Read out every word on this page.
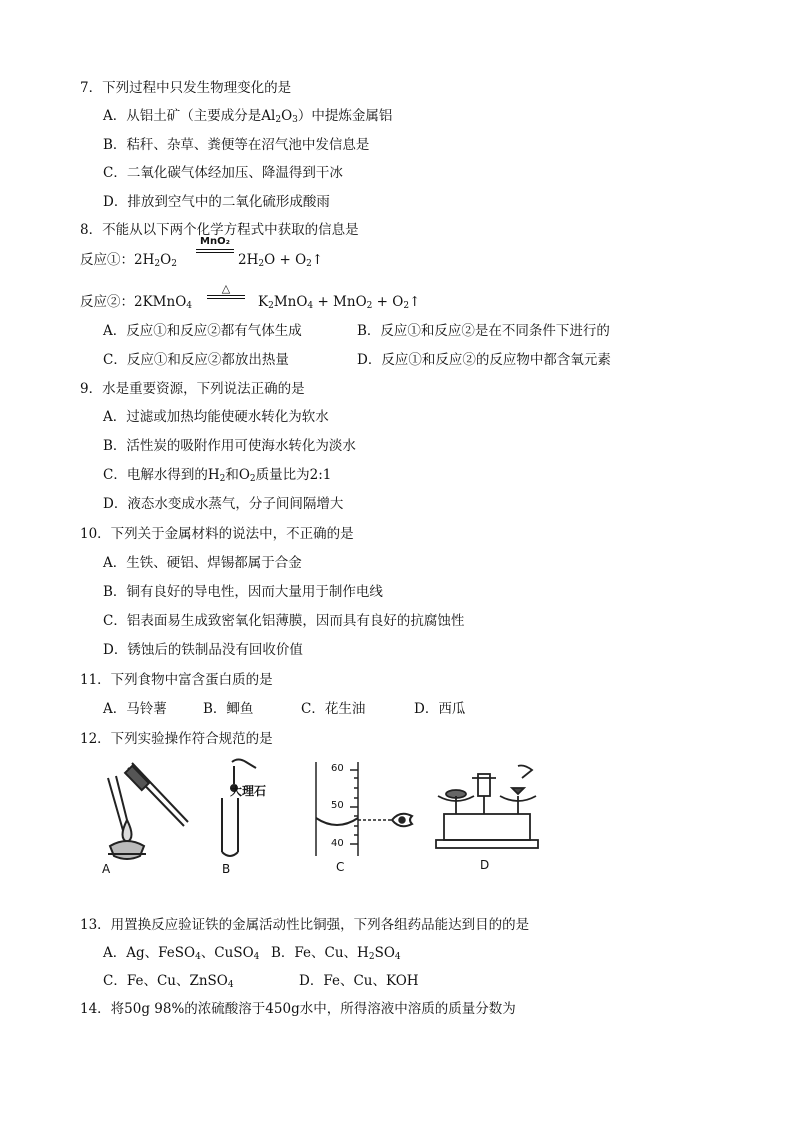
7．下列过程中只发生物理变化的是
A．从铝土矿（主要成分是$Al_2O_3$）中提炼金属铝
B．秸秆、杂草、粪便等在沼气池中发信息是
C．二氧化碳气体经加压、降温得到干冰
D．排放到空气中的二氧化硫形成酸雨
8．不能从以下两个化学方程式中获取的信息是
反应①：$2H_2O_2$
MnO₂
$2H_2O$ + $O_2↑$
反应②：2KMnO$_4$
△
$K_2MnO_4 + MnO_2$ + $O_2↑$
A．反应①和反应②都有气体生成	B．反应①和反应②是在不同条件下进行的
C．反应①和反应②都放出热量	D．反应①和反应②的反应物中都含氧元素
9．水是重要资源，下列说法正确的是
A．过滤或加热均能使硬水转化为软水
B．活性炭的吸附作用可使海水转化为淡水
C．电解水得到的$H_2$和$O_2$质量比为2:1
D．液态水变成水蒸气，分子间间隔增大
10．下列关于金属材料的说法中，不正确的是
A．生铁、硬铝、焊锡都属于合金
B．铜有良好的导电性，因而大量用于制作电线
C．铝表面易生成致密氧化铝薄膜，因而具有良好的抗腐蚀性
D．锈蚀后的铁制品没有回收价值
11．下列食物中富含蛋白质的是
A．马铃薯	B．鲫鱼	C．花生油	D．西瓜
12．下列实验操作符合规范的是
A
大理石
B
60
50
40
C	D
13．用置换反应验证铁的金属活动性比铜强，下列各组药品能达到目的的是
A．Ag、FeSO$_4$、CuSO$_4$ B．Fe、Cu、$H_2SO_4$
C．Fe、Cu、ZnSO$_4$	D．Fe、Cu、KOH
14．将50g 98%的浓硫酸溶于450g水中，所得溶液中溶质的质量分数为
